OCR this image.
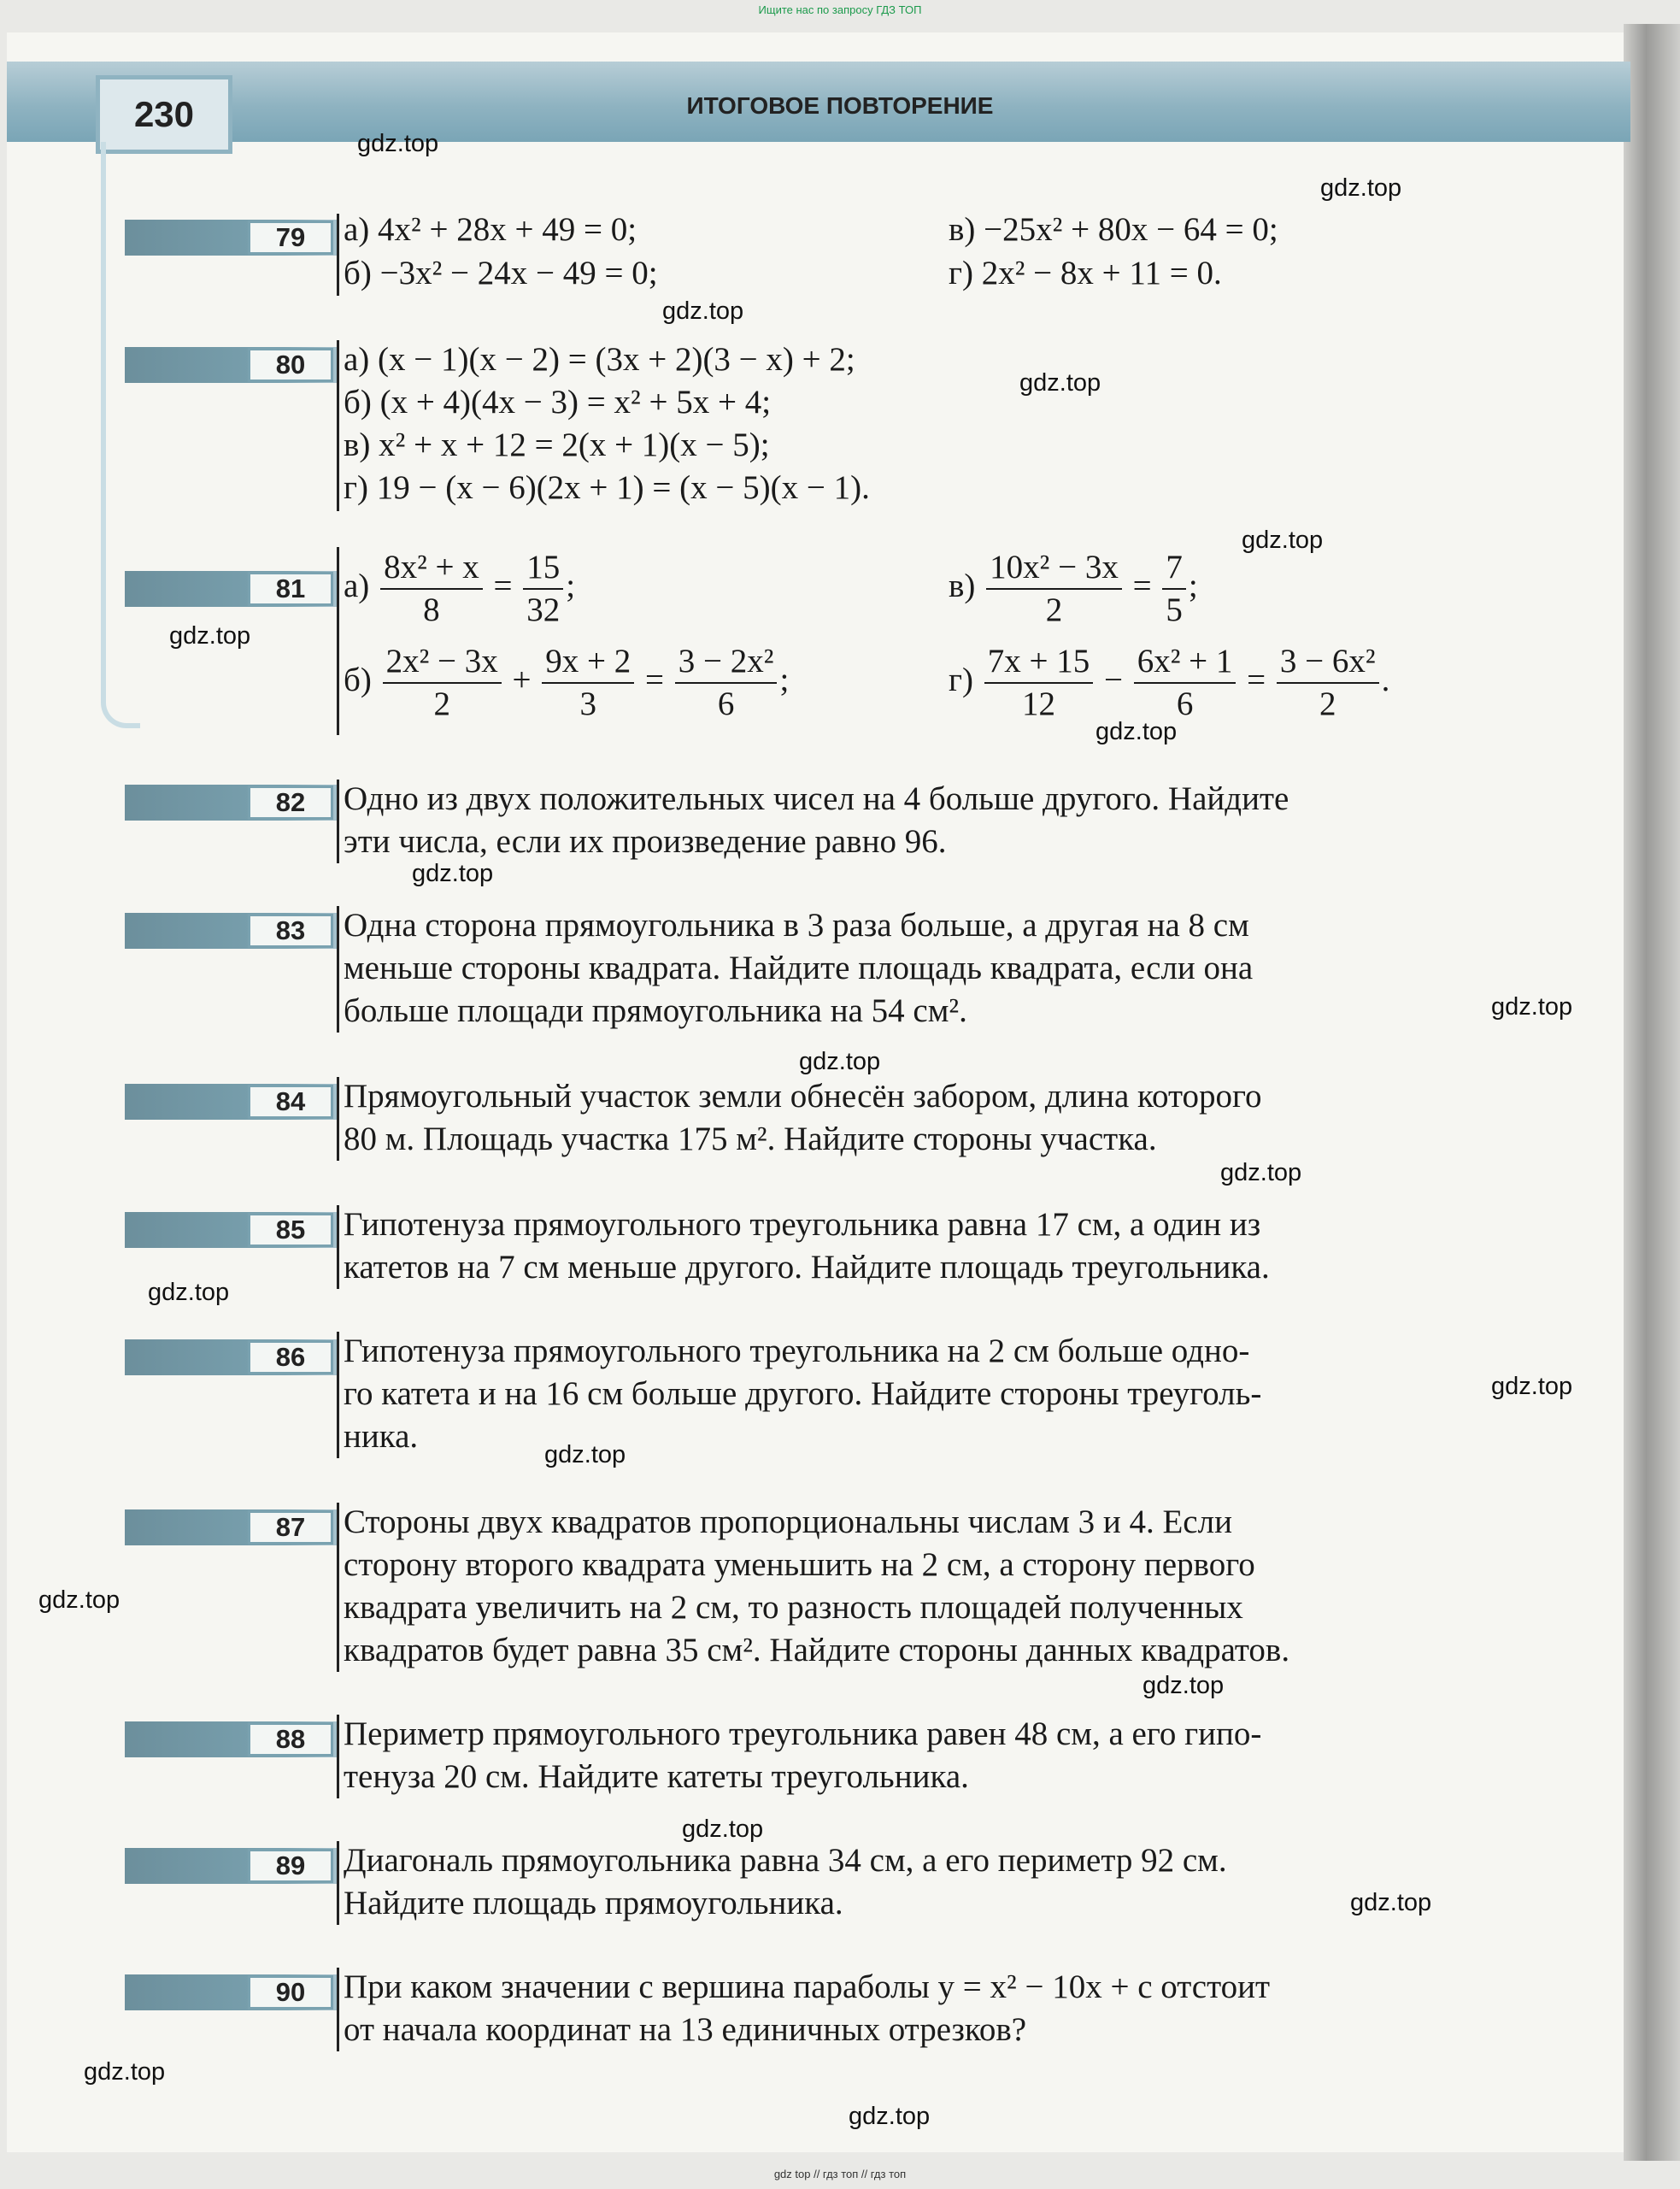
Ищите нас по запросу ГДЗ ТОП
230	ИТОГОВОЕ ПОВТОРЕНИЕ
79	а) 4x² + 28x + 49 = 0;	в) −25x² + 80x − 64 = 0;
б) −3x² − 24x − 49 = 0;	г) 2x² − 8x + 11 = 0.
80	а) (x − 1)(x − 2) = (3x + 2)(3 − x) + 2;
б) (x + 4)(4x − 3) = x² + 5x + 4;
в) x² + x + 12 = 2(x + 1)(x − 5);
г) 19 − (x − 6)(2x + 1) = (x − 5)(x − 1).
81	$а) \frac{\text{8x² + x}}{8} = \frac{15}{32}$ ;	$в) \frac{\text{10x² − 3x}}{2} = \frac{7}{5}$ ;
$б) \frac{\text{2x² − 3x}}{2} + \frac{9x + 2}{3} = \frac{\text{3 − 2x²}}{6}$ ;	$г) \frac{7x + 15}{12} - \frac{\text{6x² + 1}}{6} = \frac{\text{3 − 6x²}}{2}$ .
82	Одно из двух положительных чисел на 4 больше другого. Найдите
эти числа, если их произведение равно 96.
83	Одна сторона прямоугольника в 3 раза больше, а другая на 8 см
меньше стороны квадрата. Найдите площадь квадрата, если она
больше площади прямоугольника на 54 см².
84	Прямоугольный участок земли обнесён забором, длина которого
80 м. Площадь участка 175 м². Найдите стороны участка.
85	Гипотенуза прямоугольного треугольника равна 17 см, а один из
катетов на 7 см меньше другого. Найдите площадь треугольника.
86	Гипотенуза прямоугольного треугольника на 2 см больше одно-
го катета и на 16 см больше другого. Найдите стороны треуголь-
ника.
87	Стороны двух квадратов пропорциональны числам 3 и 4. Если
сторону второго квадрата уменьшить на 2 см, а сторону первого
квадрата увеличить на 2 см, то разность площадей полученных
квадратов будет равна 35 см². Найдите стороны данных квадратов.
88	Периметр прямоугольного треугольника равен 48 см, а его гипо-
тенуза 20 см. Найдите катеты треугольника.
89	Диагональ прямоугольника равна 34 см, а его периметр 92 см.
Найдите площадь прямоугольника.
90	При каком значении c вершина параболы y = x² − 10x + c отстоит
от начала координат на 13 единичных отрезков?
gdz.top
gdz.top
gdz.top
gdz.top
gdz.top
gdz.top
gdz.top
gdz.top
gdz.top
gdz.top
gdz.top
gdz.top
gdz.top
gdz.top
gdz.top
gdz.top
gdz.top
gdz.top
gdz.top
gdz.top
gdz top // гдз топ // гдз топ
